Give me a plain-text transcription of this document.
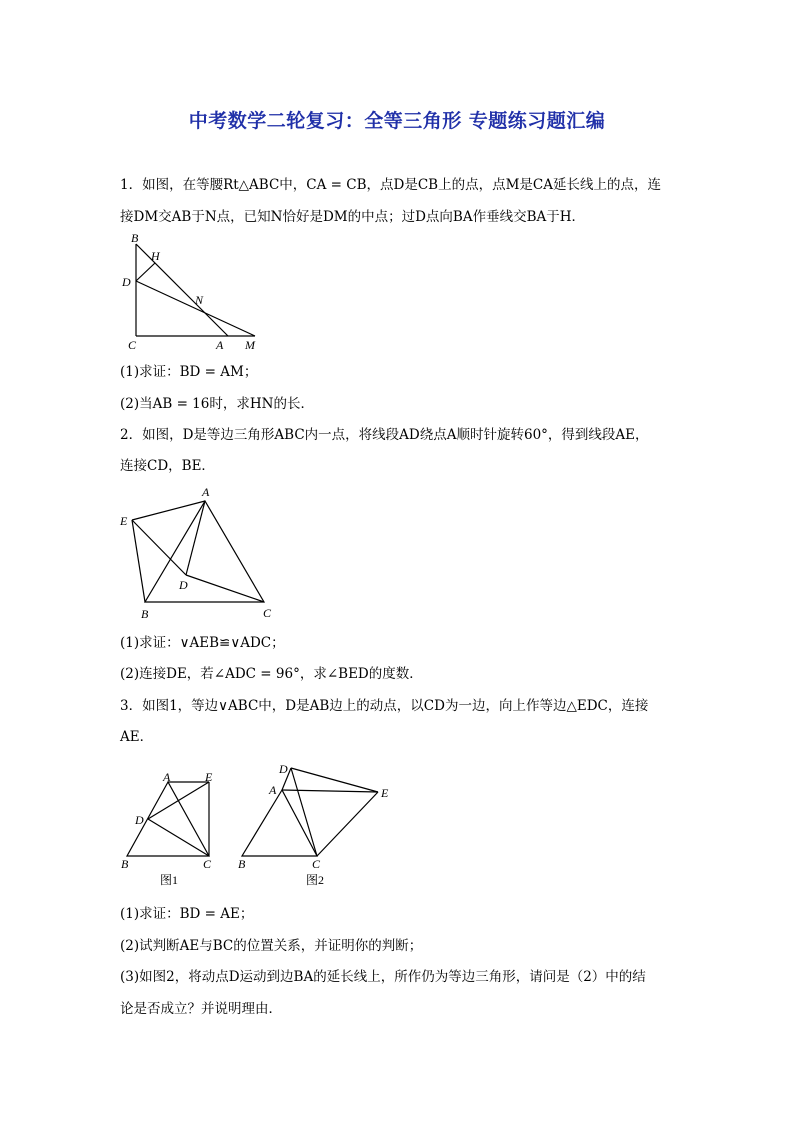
中考数学二轮复习：全等三角形 专题练习题汇编
1．如图，在等腰Rt△ABC中，CA = CB，点D是CB上的点，点M是CA延长线上的点，连
接DM交AB于N点，已知N恰好是DM的中点；过D点向BA作垂线交BA于H．
B
H
D
N
C	A M
(1)求证：BD = AM；
(2)当AB = 16时，求HN的长．
2．如图，D是等边三角形ABC内一点，将线段AD绕点A顺时针旋转60°，得到线段AE，
连接CD，BE．
A
E
D
B	C
(1)求证：∨AEB≌∨ADC；
(2)连接DE，若∠ADC = 96°，求∠BED的度数．
3．如图1，等边∨ABC中，D是AB边上的动点，以CD为一边，向上作等边△EDC，连接
AE．
A	E
D
B	C
图1
D
A	E
B	C
图2
(1)求证：BD = AE；
(2)试判断AE与BC的位置关系，并证明你的判断；
(3)如图2，将动点D运动到边BA的延长线上，所作仍为等边三角形，请问是（2）中的结
论是否成立？并说明理由．
